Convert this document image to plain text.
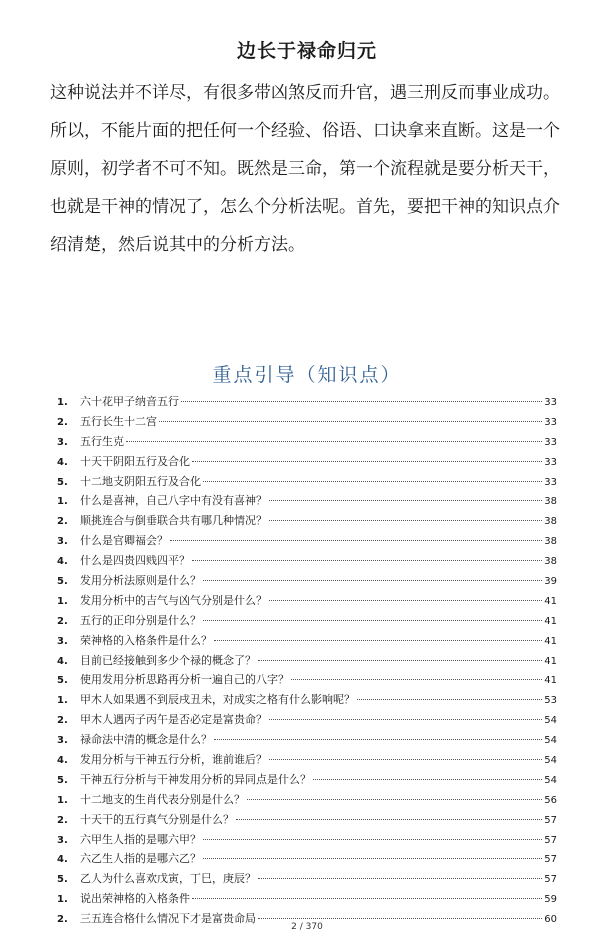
边长于禄命归元

这种说法并不详尽，有很多带凶煞反而升官，遇三刑反而事业成功。

所以，不能片面的把任何一个经验、俗语、口诀拿来直断。这是一个

原则，初学者不可不知。既然是三命，第一个流程就是要分析天干，

也就是干神的情况了，怎么个分析法呢。首先，要把干神的知识点介

绍清楚，然后说其中的分析方法。

重点引导（知识点）
1.	六十花甲子纳音五行	33
2.	五行长生十二宫	33
3.	五行生克	33
4.	十天干阴阳五行及合化	33
5.	十二地支阴阳五行及合化	33
1.	什么是喜神，自己八字中有没有喜神？	38
2.	顺挑连合与倒垂联合共有哪几种情况？	38
3.	什么是官卿福会？	38
4.	什么是四贵四贱四平？	38
5.	发用分析法原则是什么？	39
1.	发用分析中的吉气与凶气分别是什么？	41
2.	五行的正印分别是什么？	41
3.	荣神格的入格条件是什么？	41
4.	目前已经接触到多少个禄的概念了？	41
5.	使用发用分析思路再分析一遍自己的八字？	41
1.	甲木人如果遇不到辰戌丑未，对成实之格有什么影响呢？	53
2.	甲木人遇丙子丙午是否必定是富贵命？	54
3.	禄命法中清的概念是什么？	54
4.	发用分析与干神五行分析，谁前谁后？	54
5.	干神五行分析与干神发用分析的异同点是什么？	54
1.	十二地支的生肖代表分别是什么？	56
2.	十天干的五行真气分别是什么？	57
3.	六甲生人指的是哪六甲？	57
4.	六乙生人指的是哪六乙？	57
5.	乙人为什么喜欢戊寅，丁巳，庚辰？	57
1.	说出荣神格的入格条件	59
2.	三五连合格什么情况下才是富贵命局	60
2 / 370
